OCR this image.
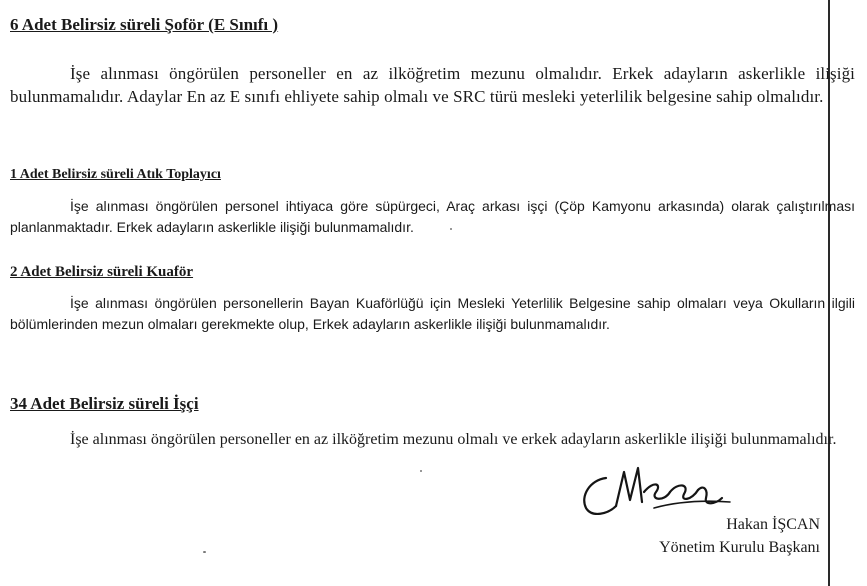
6 Adet Belirsiz süreli Şoför (E Sınıfı )

İşe alınması öngörülen personeller en az ilköğretim mezunu olmalıdır. Erkek adayların askerlikle ilişiği bulunmamalıdır. Adaylar En az E sınıfı ehliyete sahip olmalı ve SRC türü mesleki yeterlilik belgesine sahip olmalıdır.

1 Adet Belirsiz süreli Atık Toplayıcı

İşe alınması öngörülen personel ihtiyaca göre süpürgeci, Araç arkası işçi (Çöp Kamyonu arkasında) olarak çalıştırılması planlanmaktadır. Erkek adayların askerlikle ilişiği bulunmamalıdır.

2 Adet Belirsiz süreli Kuaför

İşe alınması öngörülen personellerin Bayan Kuaförlüğü için Mesleki Yeterlilik Belgesine sahip olmaları veya Okulların ilgili bölümlerinden mezun olmaları gerekmekte olup, Erkek adayların askerlikle ilişiği bulunmamalıdır.

34 Adet Belirsiz süreli İşçi

İşe alınması öngörülen personeller en az ilköğretim mezunu olmalı ve erkek adayların askerlikle ilişiği bulunmamalıdır.

Hakan İŞCAN
Yönetim Kurulu Başkanı
